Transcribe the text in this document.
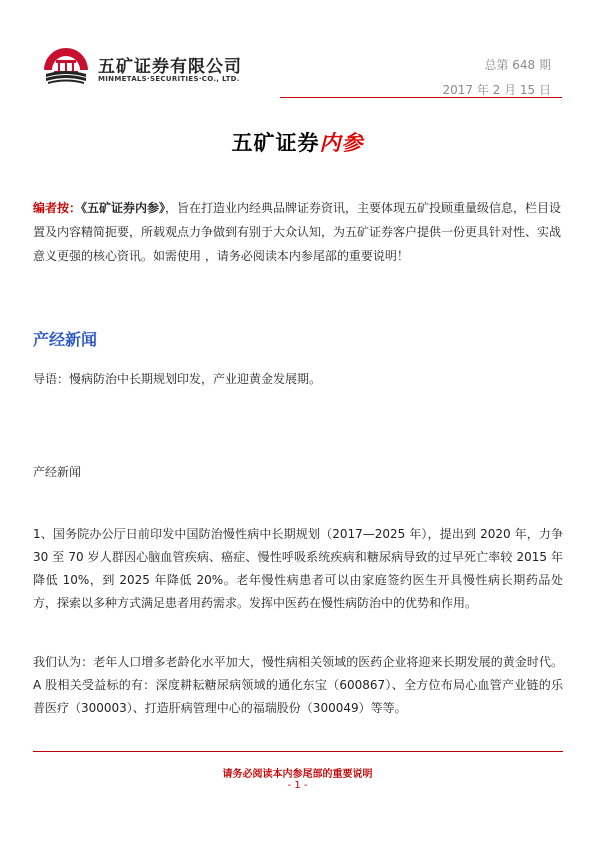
五矿证券有限公司
MINMETALS·SECURITIES·CO., LTD.
总第 648 期
2017 年 2 月 15 日
五矿证券内参
编者按：《五矿证券内参》，旨在打造业内经典品牌证券资讯，主要体现五矿投顾重量级信息，栏目设置及内容精简扼要，所载观点力争做到有别于大众认知，为五矿证券客户提供一份更具针对性、实战意义更强的核心资讯。如需使用 ，请务必阅读本内参尾部的重要说明！
产经新闻
导语：慢病防治中长期规划印发，产业迎黄金发展期。
产经新闻
1、国务院办公厅日前印发中国防治慢性病中长期规划（2017—2025 年），提出到 2020 年，力争 30 至 70 岁人群因心脑血管疾病、癌症、慢性呼吸系统疾病和糖尿病导致的过早死亡率较 2015 年降低 10%，到 2025 年降低 20%。老年慢性病患者可以由家庭签约医生开具慢性病长期药品处方，探索以多种方式满足患者用药需求。发挥中医药在慢性病防治中的优势和作用。
我们认为：老年人口增多老龄化水平加大，慢性病相关领域的医药企业将迎来长期发展的黄金时代。A 股相关受益标的有：深度耕耘糖尿病领域的通化东宝（600867）、全方位布局心血管产业链的乐普医疗（300003）、打造肝病管理中心的福瑞股份（300049）等等。
请务必阅读本内参尾部的重要说明
- 1 -
